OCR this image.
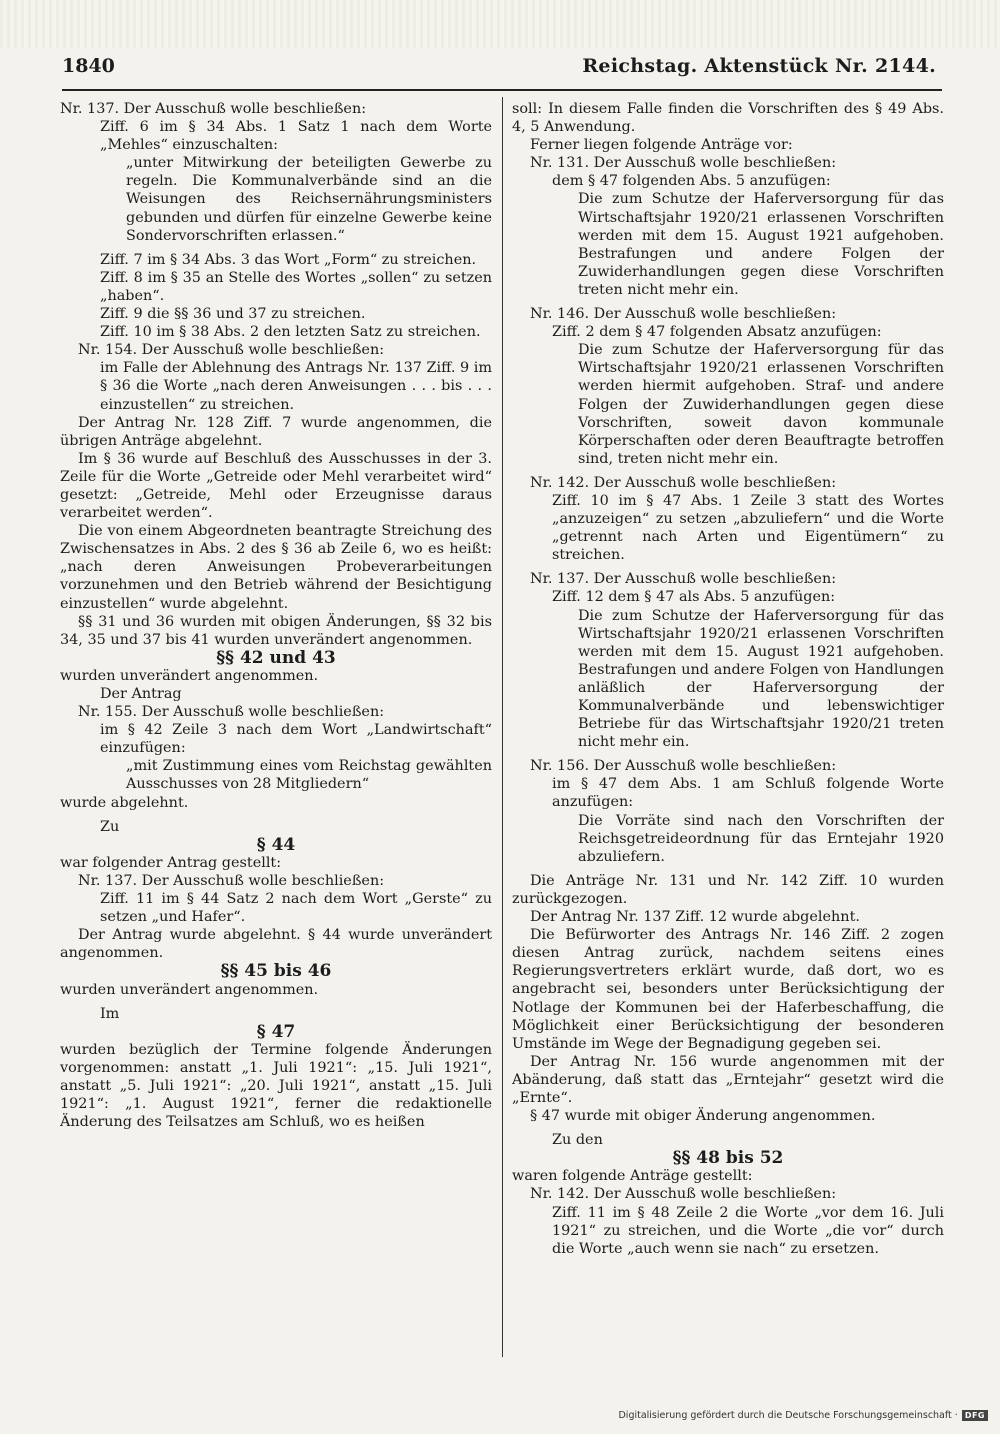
1840	Reichstag. Aktenstück Nr. 2144.

Nr. 137. Der Ausschuß wolle beschließen:

Ziff. 6 im § 34 Abs. 1 Satz 1 nach dem Worte „Mehles“ einzuschalten:

„unter Mitwirkung der beteiligten Gewerbe zu regeln. Die Kommunalverbände sind an die Weisungen des Reichsernährungsministers gebunden und dürfen für einzelne Gewerbe keine Sondervorschriften erlassen.“

Ziff. 7 im § 34 Abs. 3 das Wort „Form“ zu streichen.

Ziff. 8 im § 35 an Stelle des Wortes „sollen“ zu setzen „haben“.

Ziff. 9 die §§ 36 und 37 zu streichen.

Ziff. 10 im § 38 Abs. 2 den letzten Satz zu streichen.

Nr. 154. Der Ausschuß wolle beschließen:

im Falle der Ablehnung des Antrags Nr. 137 Ziff. 9 im § 36 die Worte „nach deren Anweisungen . . . bis . . . einzustellen“ zu streichen.

Der Antrag Nr. 128 Ziff. 7 wurde angenommen, die übrigen Anträge abgelehnt.

Im § 36 wurde auf Beschluß des Ausschusses in der 3. Zeile für die Worte „Getreide oder Mehl verarbeitet wird“ gesetzt: „Getreide, Mehl oder Erzeugnisse daraus verarbeitet werden“.

Die von einem Abgeordneten beantragte Streichung des Zwischensatzes in Abs. 2 des § 36 ab Zeile 6, wo es heißt: „nach deren Anweisungen Probeverarbeitungen vorzunehmen und den Betrieb während der Besichtigung einzustellen“ wurde abgelehnt.

§§ 31 und 36 wurden mit obigen Änderungen, §§ 32 bis 34, 35 und 37 bis 41 wurden unverändert angenommen.

§§ 42 und 43

wurden unverändert angenommen.

Der Antrag

Nr. 155. Der Ausschuß wolle beschließen:

im § 42 Zeile 3 nach dem Wort „Landwirtschaft“ einzufügen:

„mit Zustimmung eines vom Reichstag gewählten Ausschusses von 28 Mitgliedern“

wurde abgelehnt.

Zu

§ 44

war folgender Antrag gestellt:

Nr. 137. Der Ausschuß wolle beschließen:

Ziff. 11 im § 44 Satz 2 nach dem Wort „Gerste“ zu setzen „und Hafer“.

Der Antrag wurde abgelehnt. § 44 wurde unverändert angenommen.

§§ 45 bis 46

wurden unverändert angenommen.

Im

§ 47

wurden bezüglich der Termine folgende Änderungen vorgenommen: anstatt „1. Juli 1921“: „15. Juli 1921“, anstatt „5. Juli 1921“: „20. Juli 1921“, anstatt „15. Juli 1921“: „1. August 1921“, ferner die redaktionelle Änderung des Teilsatzes am Schluß, wo es heißen

soll: In diesem Falle finden die Vorschriften des § 49 Abs. 4, 5 Anwendung.

Ferner liegen folgende Anträge vor:

Nr. 131. Der Ausschuß wolle beschließen:

dem § 47 folgenden Abs. 5 anzufügen:

Die zum Schutze der Haferversorgung für das Wirtschaftsjahr 1920/21 erlassenen Vorschriften werden mit dem 15. August 1921 aufgehoben. Bestrafungen und andere Folgen der Zuwiderhandlungen gegen diese Vorschriften treten nicht mehr ein.

Nr. 146. Der Ausschuß wolle beschließen:

Ziff. 2 dem § 47 folgenden Absatz anzufügen:

Die zum Schutze der Haferversorgung für das Wirtschaftsjahr 1920/21 erlassenen Vorschriften werden hiermit aufgehoben. Straf- und andere Folgen der Zuwiderhandlungen gegen diese Vorschriften, soweit davon kommunale Körperschaften oder deren Beauftragte betroffen sind, treten nicht mehr ein.

Nr. 142. Der Ausschuß wolle beschließen:

Ziff. 10 im § 47 Abs. 1 Zeile 3 statt des Wortes „anzuzeigen“ zu setzen „abzuliefern“ und die Worte „getrennt nach Arten und Eigentümern“ zu streichen.

Nr. 137. Der Ausschuß wolle beschließen:

Ziff. 12 dem § 47 als Abs. 5 anzufügen:

Die zum Schutze der Haferversorgung für das Wirtschaftsjahr 1920/21 erlassenen Vorschriften werden mit dem 15. August 1921 aufgehoben. Bestrafungen und andere Folgen von Handlungen anläßlich der Haferversorgung der Kommunalverbände und lebenswichtiger Betriebe für das Wirtschaftsjahr 1920/21 treten nicht mehr ein.

Nr. 156. Der Ausschuß wolle beschließen:

im § 47 dem Abs. 1 am Schluß folgende Worte anzufügen:

Die Vorräte sind nach den Vorschriften der Reichsgetreideordnung für das Erntejahr 1920 abzuliefern.

Die Anträge Nr. 131 und Nr. 142 Ziff. 10 wurden zurückgezogen.

Der Antrag Nr. 137 Ziff. 12 wurde abgelehnt.

Die Befürworter des Antrags Nr. 146 Ziff. 2 zogen diesen Antrag zurück, nachdem seitens eines Regierungsvertreters erklärt wurde, daß dort, wo es angebracht sei, besonders unter Berücksichtigung der Notlage der Kommunen bei der Haferbeschaffung, die Möglichkeit einer Berücksichtigung der besonderen Umstände im Wege der Begnadigung gegeben sei.

Der Antrag Nr. 156 wurde angenommen mit der Abänderung, daß statt das „Erntejahr“ gesetzt wird die „Ernte“.

§ 47 wurde mit obiger Änderung angenommen.

Zu den

§§ 48 bis 52

waren folgende Anträge gestellt:

Nr. 142. Der Ausschuß wolle beschließen:

Ziff. 11 im § 48 Zeile 2 die Worte „vor dem 16. Juli 1921“ zu streichen, und die Worte „die vor“ durch die Worte „auch wenn sie nach“ zu ersetzen.

Digitalisierung gefördert durch die Deutsche Forschungsgemeinschaft · DFG
